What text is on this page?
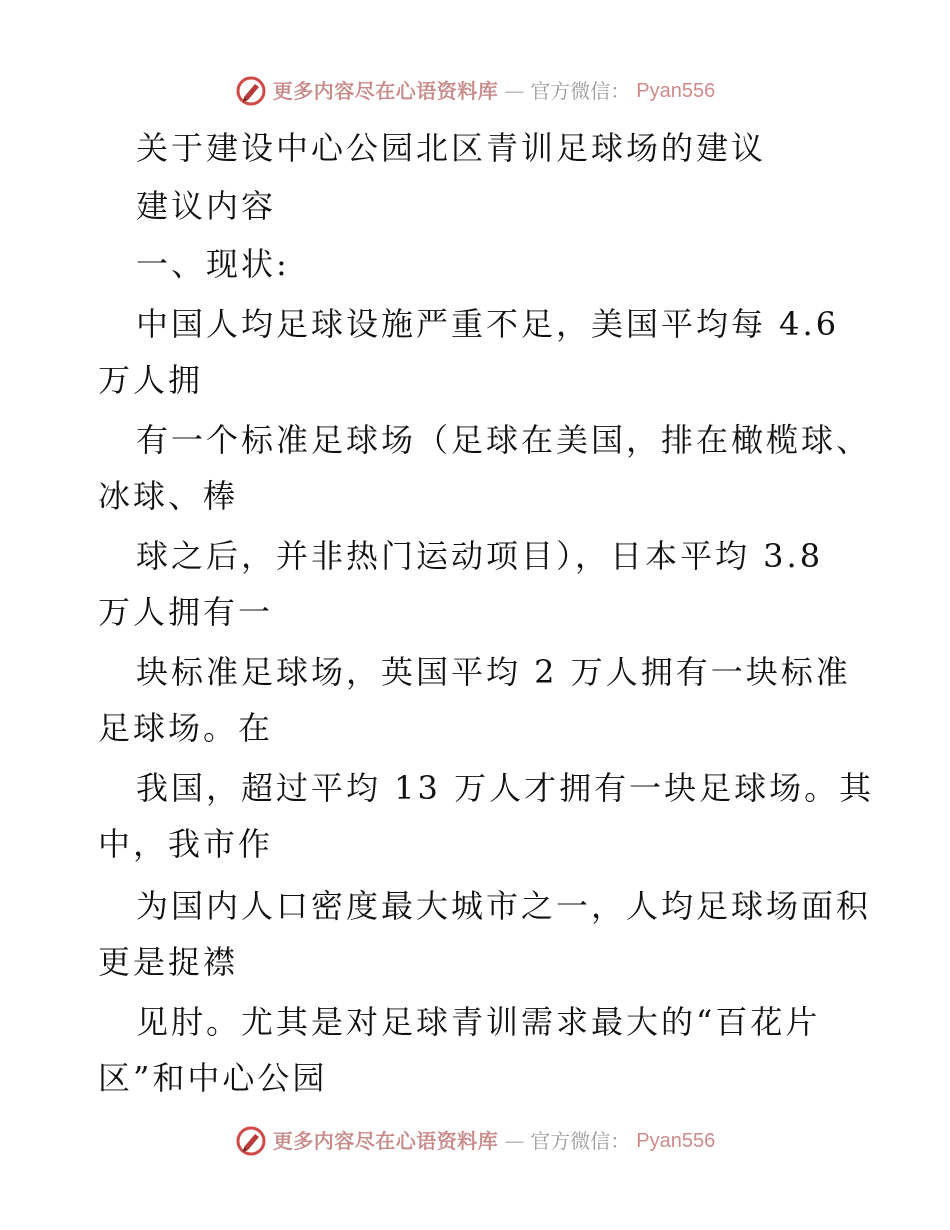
更多内容尽在心语资料库 — 官方微信： Pyan556
关于建设中心公园北区青训足球场的建议
建议内容
一、现状:
中国人均足球设施严重不足，美国平均每 4.6
万人拥
有一个标准足球场（足球在美国，排在橄榄球、
冰球、棒
球之后，并非热门运动项目），日本平均 3.8
万人拥有一
块标准足球场，英国平均 2 万人拥有一块标准
足球场。在
我国，超过平均 13 万人才拥有一块足球场。其
中，我市作
为国内人口密度最大城市之一，人均足球场面积
更是捉襟
见肘。尤其是对足球青训需求最大的“百花片
区”和中心公园
更多内容尽在心语资料库 — 官方微信： Pyan556
